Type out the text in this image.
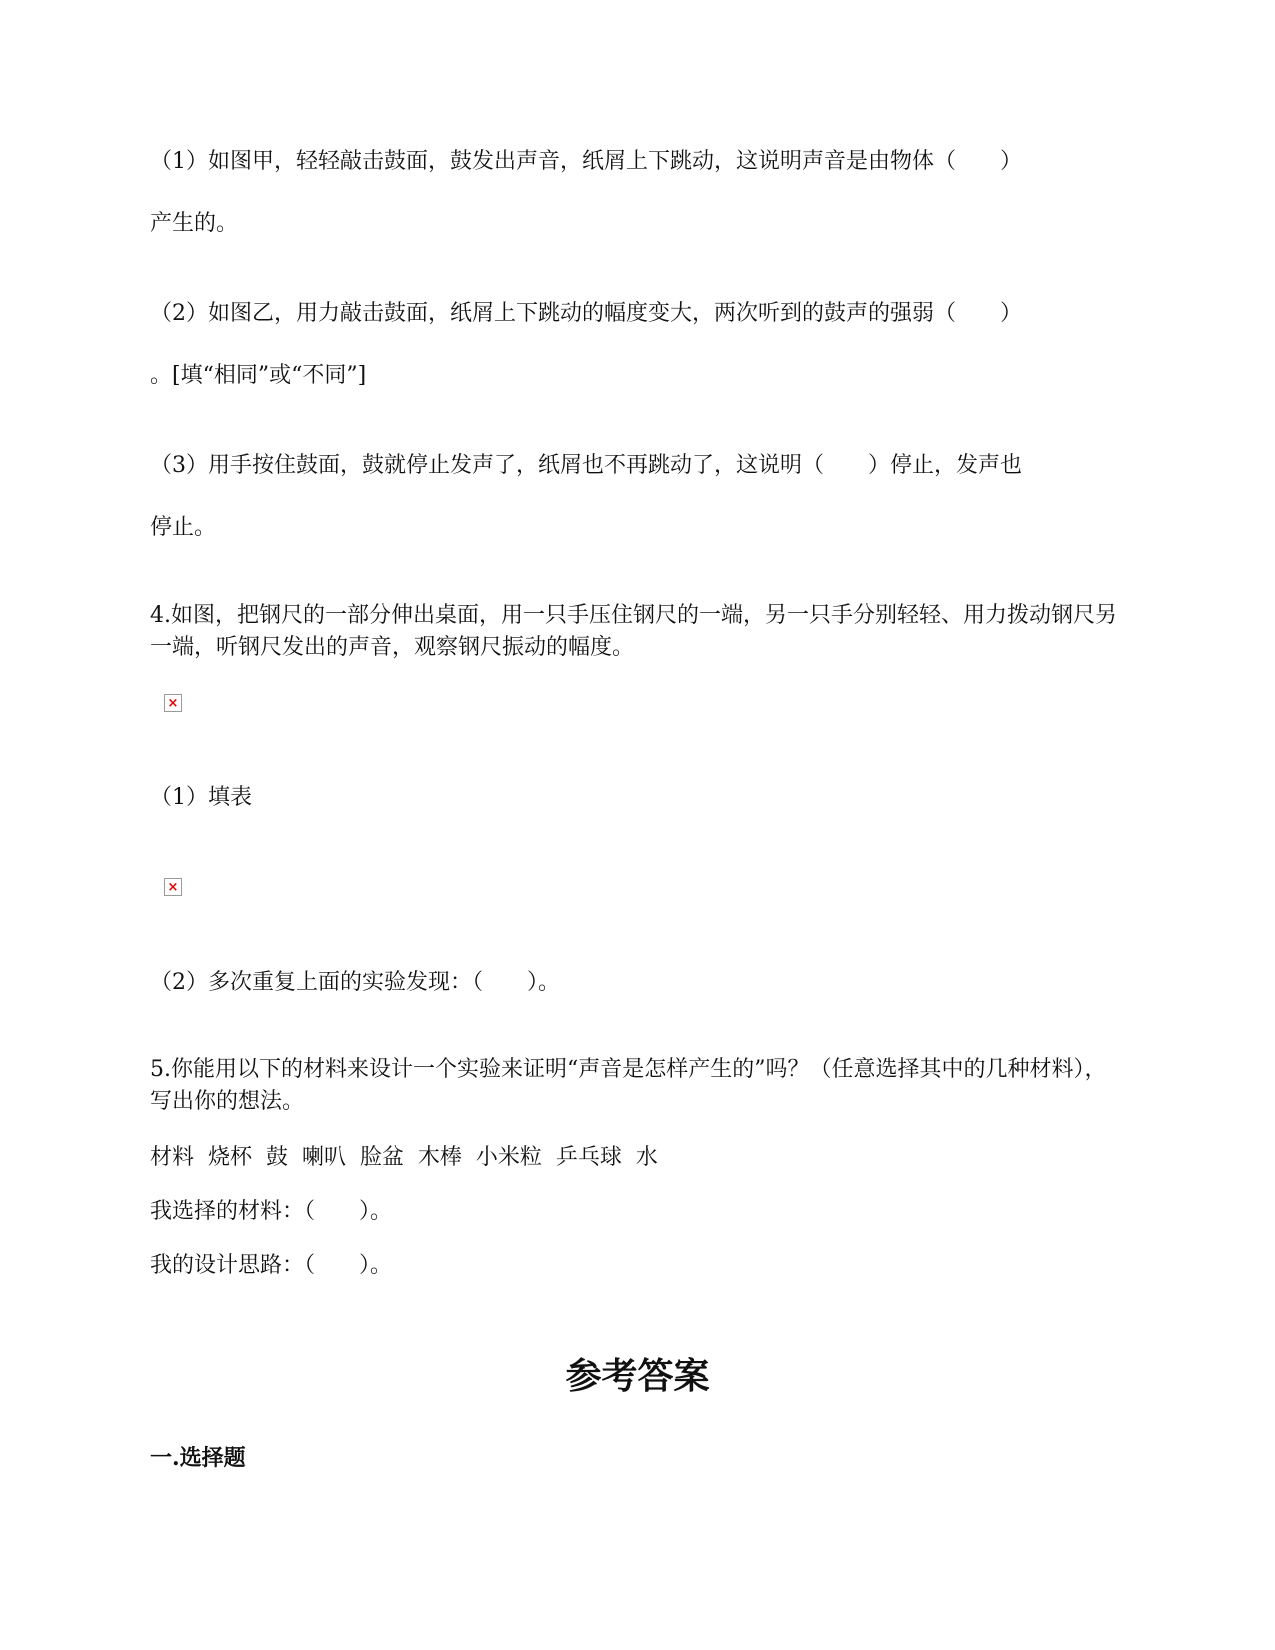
（1）如图甲，轻轻敲击鼓面，鼓发出声音，纸屑上下跳动，这说明声音是由物体（　　）
产生的。
（2）如图乙，用力敲击鼓面，纸屑上下跳动的幅度变大，两次听到的鼓声的强弱（　　）
。[填“相同”或“不同”]
（3）用手按住鼓面，鼓就停止发声了，纸屑也不再跳动了，这说明（　　）停止，发声也
停止。
4.如图，把钢尺的一部分伸出桌面，用一只手压住钢尺的一端，另一只手分别轻轻、用力拨动钢尺另一端，听钢尺发出的声音，观察钢尺振动的幅度。
×
（1）填表
×
（2）多次重复上面的实验发现：（　　）。
5.你能用以下的材料来设计一个实验来证明“声音是怎样产生的”吗？（任意选择其中的几种材料），写出你的想法。
材料  烧杯  鼓  喇叭  脸盆  木棒  小米粒  乒乓球  水
我选择的材料：（　　）。
我的设计思路：（　　）。
参考答案
一.选择题
